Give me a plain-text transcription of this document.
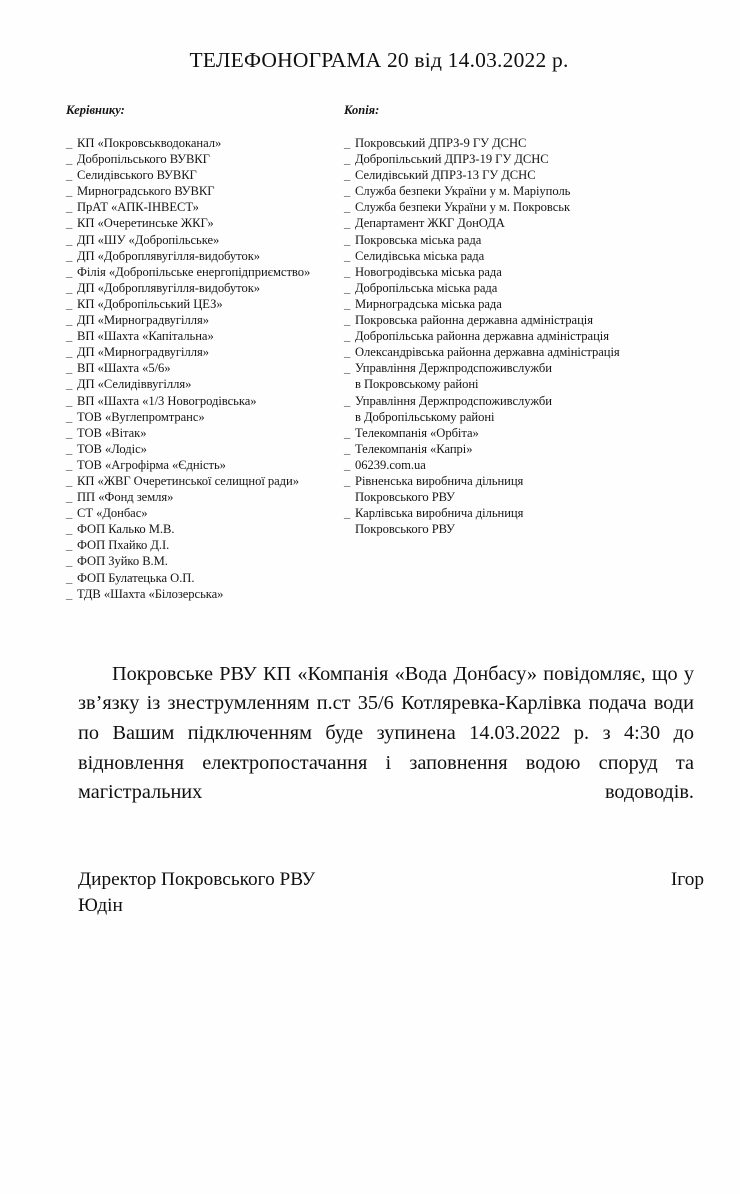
ТЕЛЕФОНОГРАМА 20 від 14.03.2022 р.
Керівнику:
_ КП «Покровськводоканал»
_ Добропільського ВУВКГ
_ Селидівського ВУВКГ
_ Мирноградського ВУВКГ
_ ПрАТ «АПК-ІНВЕСТ»
_ КП «Очеретинське ЖКГ»
_ ДП «ШУ «Добропільське»
_ ДП «Доброплявугілля-видобуток»
_ Філія «Добропільське енергопідприємство»
_ ДП «Доброплявугілля-видобуток»
_ КП «Добропільський ЦЕЗ»
_ ДП «Мирноградвугілля»
_ ВП «Шахта «Капітальна»
_ ДП «Мирноградвугілля»
_ ВП «Шахта «5/6»
_ ДП «Селидіввугілля»
_ ВП «Шахта «1/3 Новогродівська»
_ ТОВ «Вуглепромтранс»
_ ТОВ «Вітак»
_ ТОВ «Лодіс»
_ ТОВ «Агрофірма «Єдність»
_ КП «ЖВГ Очеретинської селищної ради»
_ ПП «Фонд земля»
_ СТ «Донбас»
_ ФОП Калько М.В.
_ ФОП Пхайко Д.І.
_ ФОП Зуйко В.М.
_ ФОП Булатецька О.П.
_ ТДВ «Шахта «Білозерська»
Копія:
_ Покровський ДПРЗ-9 ГУ ДСНС
_ Добропільський ДПРЗ-19 ГУ ДСНС
_ Селидівський ДПРЗ-13 ГУ ДСНС
_ Служба безпеки України у м. Маріуполь
_ Служба безпеки України у м. Покровськ
_ Департамент ЖКГ ДонОДА
_ Покровська міська рада
_ Селидівська міська рада
_ Новогродівська міська рада
_ Добропільська міська рада
_ Мирноградська міська рада
_ Покровська районна державна адміністрація
_ Добропільська районна державна адміністрація
_ Олександрівська районна державна адміністрація
_ Управління Держпродспоживслужби
в Покровському районі
_ Управління Держпродспоживслужби
в Добропільському районі
_ Телекомпанія «Орбіта»
_ Телекомпанія «Капрі»
_ 06239.com.ua
_ Рівненська виробнича дільниця
Покровського РВУ
_ Карлівська виробнича дільниця
Покровського РВУ

Покровське РВУ КП «Компанія «Вода Донбасу» повідомляє, що у зв’язку із знеструмленням п.ст 35/6 Котляревка-Карлівка подача води по Вашим підключенням буде зупинена 14.03.2022 р. з 4:30 до відновлення електропостачання і заповнення водою споруд та магістральних водоводів.

Директор Покровського РВУ	Ігор
Юдін
